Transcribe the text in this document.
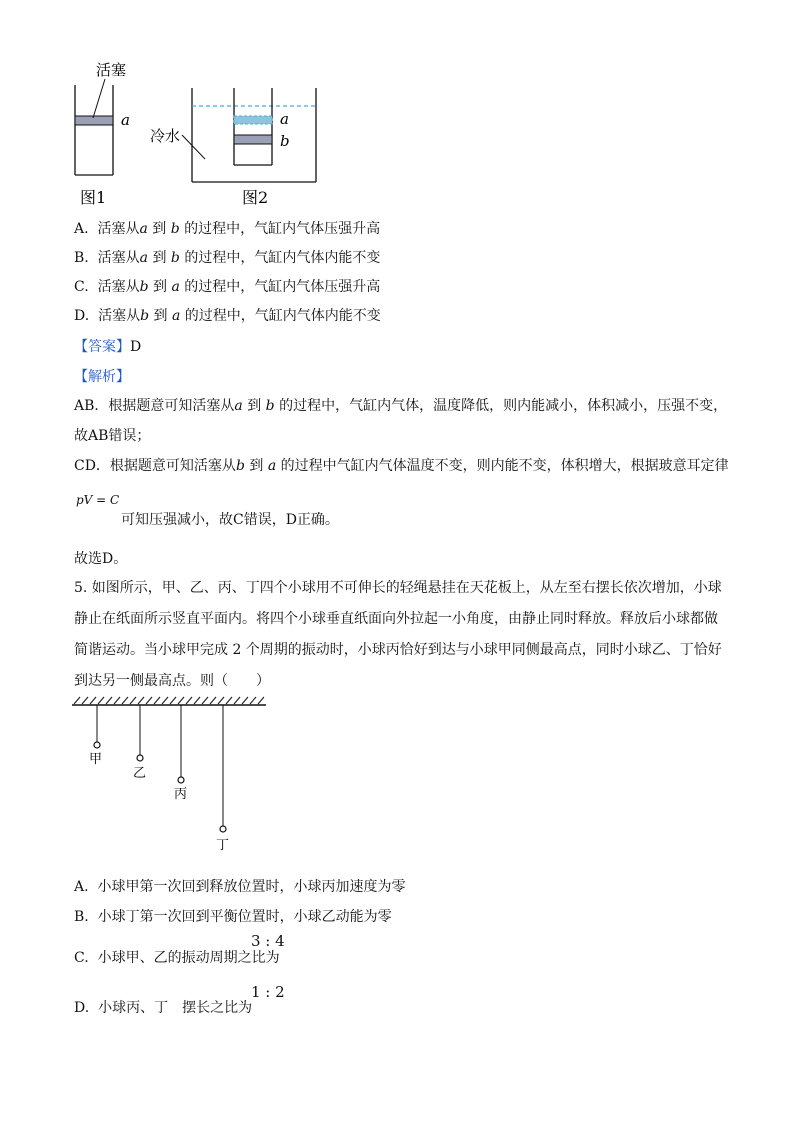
活塞
a
图1
冷水
a
b
图2
A. 活塞从a 到 b 的过程中，气缸内气体压强升高
B. 活塞从a 到 b 的过程中，气缸内气体内能不变
C. 活塞从b 到 a 的过程中，气缸内气体压强升高
D. 活塞从b 到 a 的过程中，气缸内气体内能不变
【答案】D
【解析】
AB．根据题意可知活塞从a 到 b 的过程中，气缸内气体，温度降低，则内能减小，体积减小，压强不变，
故AB错误；
CD．根据题意可知活塞从b 到 a 的过程中气缸内气体温度不变，则内能不变，体积增大，根据玻意耳定律
pV = C
可知压强减小，故C错误，D正确。
故选D。
5. 如图所示，甲、乙、丙、丁四个小球用不可伸长的轻绳悬挂在天花板上，从左至右摆长依次增加，小球
静止在纸面所示竖直平面内。将四个小球垂直纸面向外拉起一小角度，由静止同时释放。释放后小球都做
简谐运动。当小球甲完成 2 个周期的振动时，小球丙恰好到达与小球甲同侧最高点，同时小球乙、丁恰好
到达另一侧最高点。则（　　）
甲
乙
丙
丁
A. 小球甲第一次回到释放位置时，小球丙加速度为零
B. 小球丁第一次回到平衡位置时，小球乙动能为零
C. 小球甲、乙的振动周期之比为
3 : 4
D. 小球丙、丁　摆长之比为
1 : 2
